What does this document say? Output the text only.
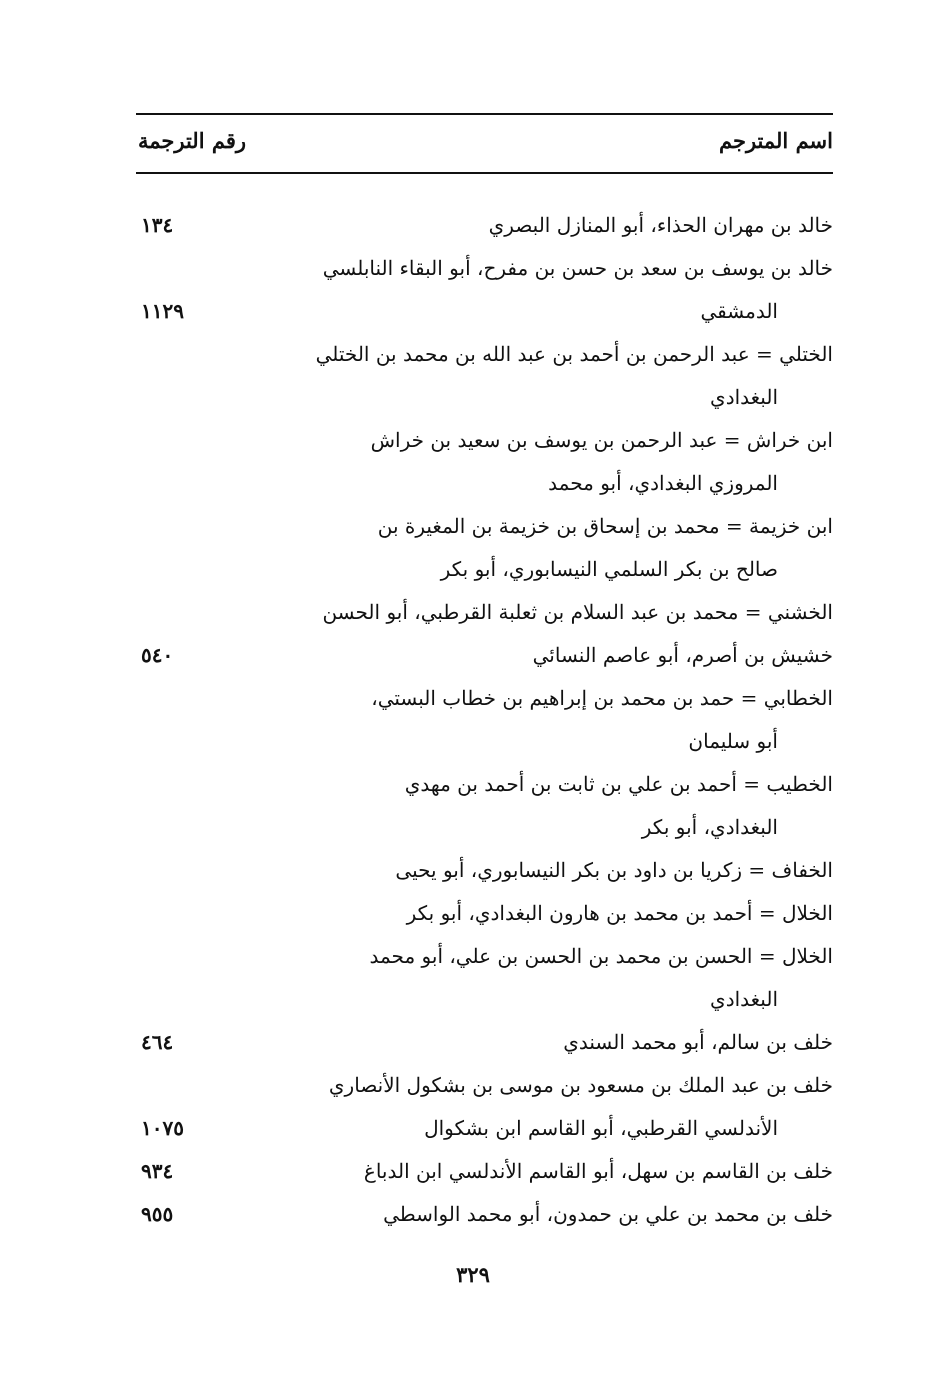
اسم المترجم
رقم الترجمة
خالد بن مهران الحذاء، أبو المنازل البصري
١٣٤
خالد بن يوسف بن سعد بن حسن بن مفرح، أبو البقاء النابلسي
الدمشقي
١١٢٩
الختلي = عبد الرحمن بن أحمد بن عبد الله بن محمد بن الختلي
البغدادي
ابن خراش = عبد الرحمن بن يوسف بن سعيد بن خراش
المروزي البغدادي، أبو محمد
ابن خزيمة = محمد بن إسحاق بن خزيمة بن المغيرة بن
صالح بن بكر السلمي النيسابوري، أبو بكر
الخشني = محمد بن عبد السلام بن ثعلبة القرطبي، أبو الحسن
خشيش بن أصرم، أبو عاصم النسائي
٥٤٠
الخطابي = حمد بن محمد بن إبراهيم بن خطاب البستي،
أبو سليمان
الخطيب = أحمد بن علي بن ثابت بن أحمد بن مهدي
البغدادي، أبو بكر
الخفاف = زكريا بن داود بن بكر النيسابوري، أبو يحيى
الخلال = أحمد بن محمد بن هارون البغدادي، أبو بكر
الخلال = الحسن بن محمد بن الحسن بن علي، أبو محمد
البغدادي
خلف بن سالم، أبو محمد السندي
٤٦٤
خلف بن عبد الملك بن مسعود بن موسى بن بشكول الأنصاري
الأندلسي القرطبي، أبو القاسم ابن بشكوال
١٠٧٥
خلف بن القاسم بن سهل، أبو القاسم الأندلسي ابن الدباغ
٩٣٤
خلف بن محمد بن علي بن حمدون، أبو محمد الواسطي
٩٥٥
٣٢٩
